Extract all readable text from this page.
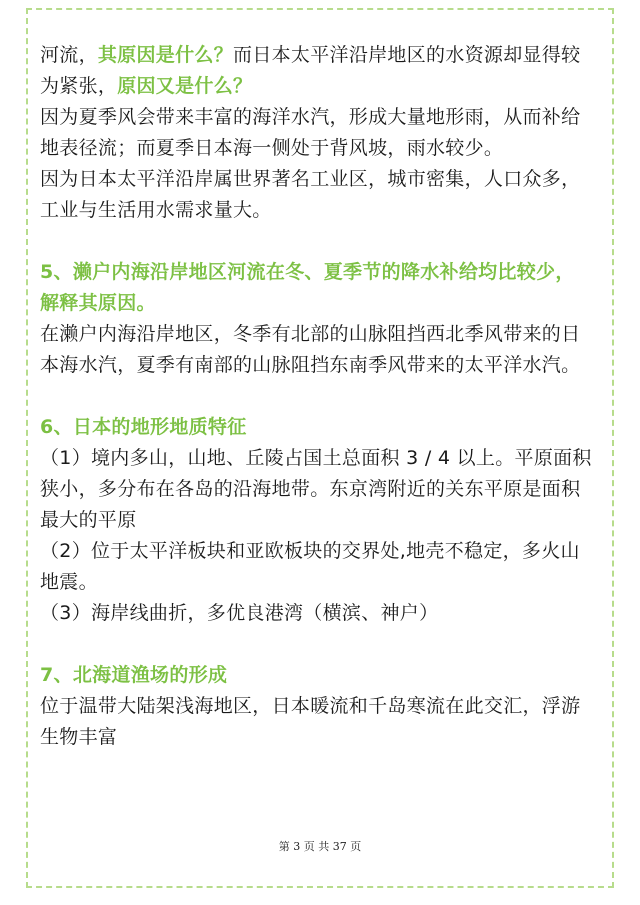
河流，其原因是什么？而日本太平洋沿岸地区的水资源却显得较
为紧张，原因又是什么？
因为夏季风会带来丰富的海洋水汽，形成大量地形雨，从而补给
地表径流；而夏季日本海一侧处于背风坡，雨水较少。
因为日本太平洋沿岸属世界著名工业区，城市密集，人口众多，
工业与生活用水需求量大。
5、濑户内海沿岸地区河流在冬、夏季节的降水补给均比较少，
解释其原因。
在濑户内海沿岸地区，冬季有北部的山脉阻挡西北季风带来的日
本海水汽，夏季有南部的山脉阻挡东南季风带来的太平洋水汽。
6、日本的地形地质特征
（1）境内多山，山地、丘陵占国土总面积 3 / 4 以上。平原面积
狭小，多分布在各岛的沿海地带。东京湾附近的关东平原是面积
最大的平原
（2）位于太平洋板块和亚欧板块的交界处,地壳不稳定，多火山
地震。
（3）海岸线曲折，多优良港湾（横滨、神户）
7、北海道渔场的形成
位于温带大陆架浅海地区，日本暖流和千岛寒流在此交汇，浮游
生物丰富
第 3 页 共 37 页
